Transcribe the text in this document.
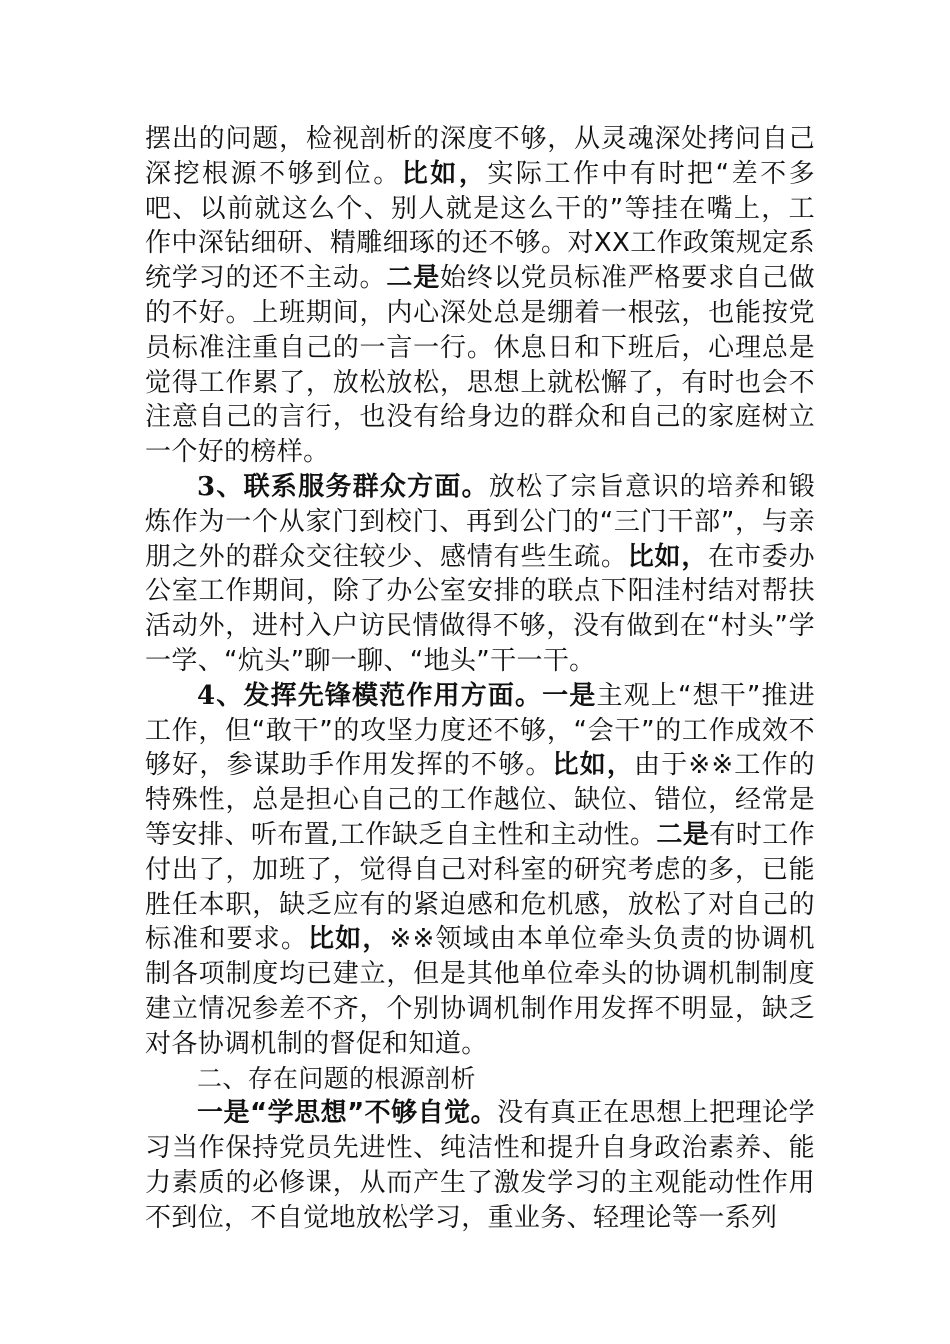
摆出的问题，检视剖析的深度不够，从灵魂深处拷问自己深挖根源不够到位。比如，实际工作中有时把“差不多吧、以前就这么个、别人就是这么干的”等挂在嘴上，工作中深钻细研、精雕细琢的还不够。对XX工作政策规定系统学习的还不主动。二是始终以党员标准严格要求自己做的不好。上班期间，内心深处总是绷着一根弦，也能按党员标准注重自己的一言一行。休息日和下班后，心理总是觉得工作累了，放松放松，思想上就松懈了，有时也会不注意自己的言行，也没有给身边的群众和自己的家庭树立一个好的榜样。

3、联系服务群众方面。放松了宗旨意识的培养和锻炼作为一个从家门到校门、再到公门的“三门干部”，与亲朋之外的群众交往较少、感情有些生疏。比如，在市委办公室工作期间，除了办公室安排的联点下阳洼村结对帮扶活动外，进村入户访民情做得不够，没有做到在“村头”学一学、“炕头”聊一聊、“地头”干一干。

4、发挥先锋模范作用方面。一是主观上“想干”推进工作，但“敢干”的攻坚力度还不够，“会干”的工作成效不够好，参谋助手作用发挥的不够。比如，由于※※工作的特殊性，总是担心自己的工作越位、缺位、错位，经常是等安排、听布置,工作缺乏自主性和主动性。二是有时工作付出了，加班了，觉得自己对科室的研究考虑的多，已能胜任本职，缺乏应有的紧迫感和危机感，放松了对自己的标准和要求。比如，※※领域由本单位牵头负责的协调机制各项制度均已建立，但是其他单位牵头的协调机制制度建立情况参差不齐，个别协调机制作用发挥不明显，缺乏对各协调机制的督促和知道。

二、存在问题的根源剖析

一是“学思想”不够自觉。没有真正在思想上把理论学习当作保持党员先进性、纯洁性和提升自身政治素养、能力素质的必修课，从而产生了激发学习的主观能动性作用不到位，不自觉地放松学习，重业务、轻理论等一系列
